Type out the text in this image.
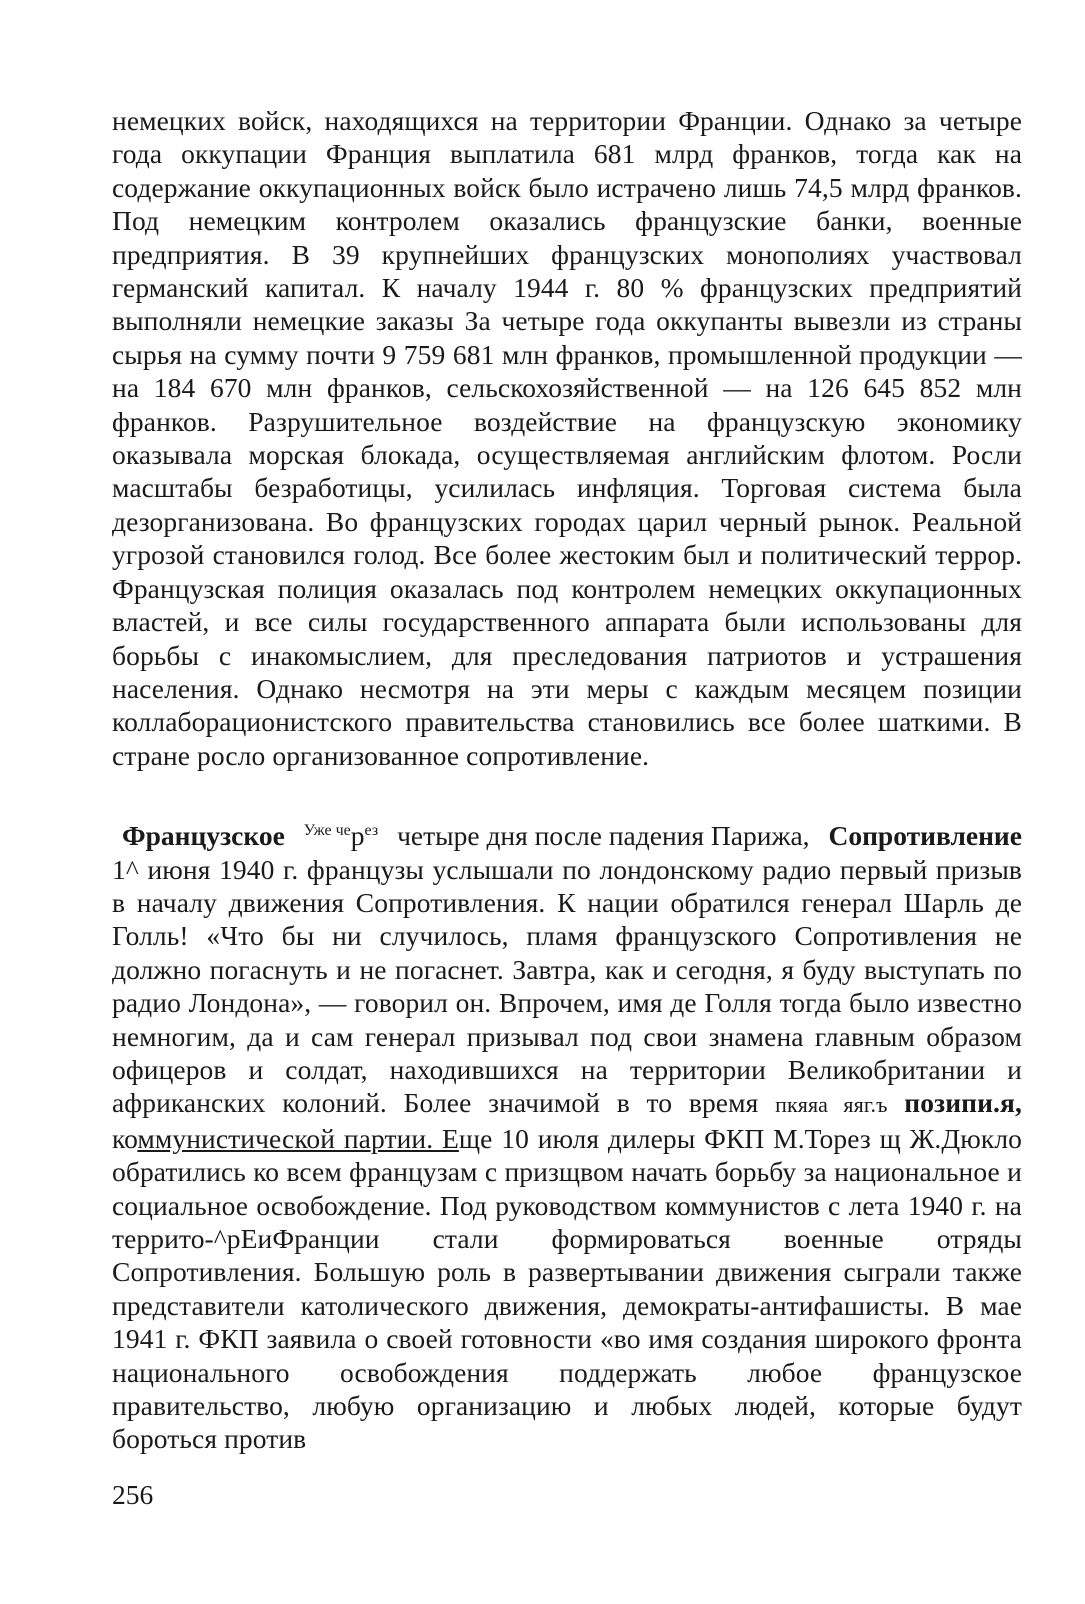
немецких войск, находящихся на территории Франции. Однако за четыре года оккупации Франция выплатила 681 млрд франков, тогда как на содержание оккупационных войск было истрачено лишь 74,5 млрд франков. Под немецким контролем оказались французские банки, военные предприятия. В 39 крупнейших французских монополиях участвовал германский капитал. К началу 1944 г. 80 % французских предприятий выполняли немецкие заказы За четыре года оккупанты вывезли из страны сырья на сумму почти 9 759 681 млн франков, промышленной продукции — на 184 670 млн франков, сельскохозяйственной — на 126 645 852 млн франков. Разрушительное воздействие на французскую экономику оказывала морская блокада, осуществляемая английским флотом. Росли масштабы безработицы, усилилась инфляция. Торговая система была дезорганизована. Во французских городах царил черный рынок. Реальной угрозой становился голод. Все более жестоким был и политический террор. Французская полиция оказалась под контролем немецких оккупационных властей, и все силы государственного аппарата были использованы для борьбы с инакомыслием, для преследования патриотов и устрашения населения. Однако несмотря на эти меры с каждым месяцем позиции коллаборационистского правительства становились все более шаткими. В стране росло организованное сопротивление.

Французское $^{Уже че}р^{ез}$ четыре дня после падения Парижа, Сопротивление

1^ июня 1940 г. французы услышали по лондонскому радио первый призыв в началу движения Сопротивления. К нации обратился генерал Шарль де Голль! «Что бы ни случилось, пламя французского Сопротивления не должно погаснуть и не погаснет. Завтра, как и сегодня, я буду выступать по радио Лондона», — говорил он. Впрочем, имя де Голля тогда было известно немногим, да и сам генерал призывал под свои знамена главным образом офицеров и солдат, находившихся на территории Великобритании и африканских колоний. Более значимой в то время пкяяа яяг.ъ позипи.я, коммунистической партии. Еще 10 июля дилеры ФКП М.Торез щ Ж.Дюкло обратились ко всем французам с призщвом начать борьбу за национальное и социальное освобождение. Под руководством коммунистов с лета 1940 г. на террито-^рЕиФранции стали формироваться военные отряды Сопротивления. Большую роль в развертывании движения сыграли также представители католического движения, демократы-антифашисты. В мае 1941 г. ФКП заявила о своей готовности «во имя создания широкого фронта национального освобождения поддержать любое французское правительство, любую организацию и любых людей, которые будут бороться против

256
